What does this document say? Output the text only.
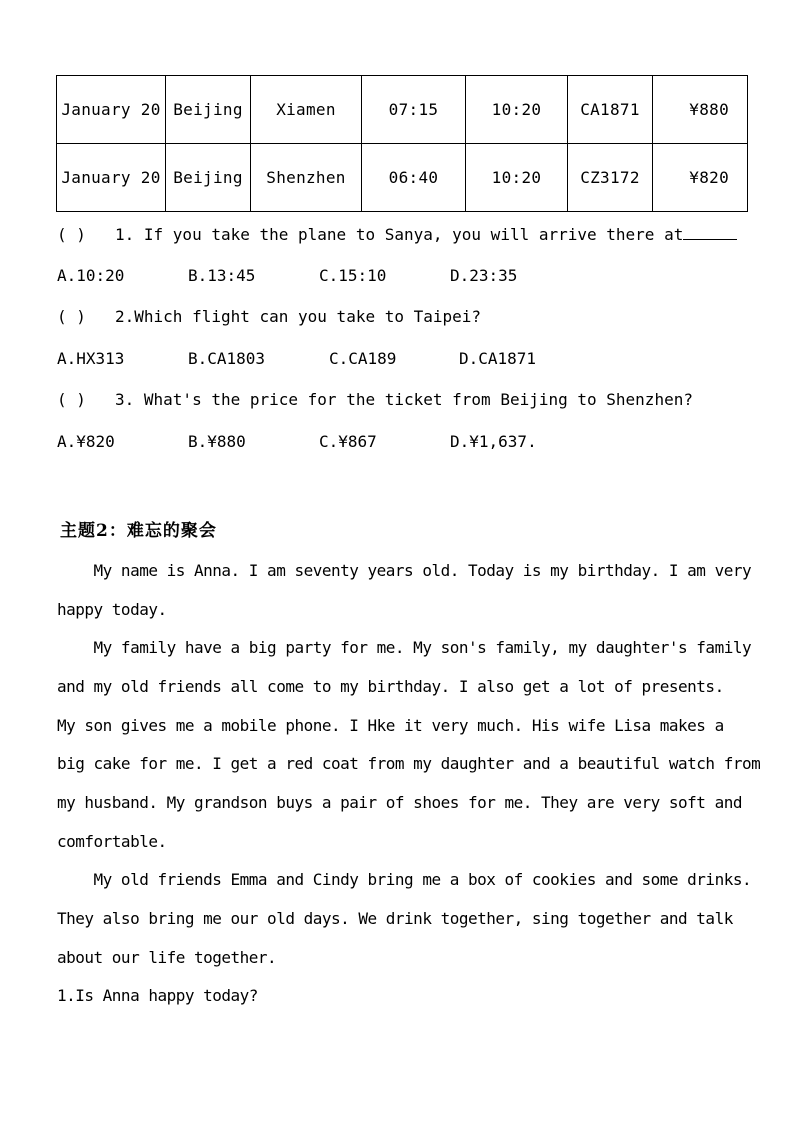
January 20	Beijing	Xiamen	07:15	10:20	CA1871	¥880
January 20	Beijing	Shenzhen	06:40	10:20	CZ3172	¥820
( ) 1. If you take the plane to Sanya, you will arrive there at
A.10:20	B.13:45	C.15:10	D.23:35
( ) 2.Which flight can you take to Taipei?
A.HX313	B.CA1803	C.CA189	D.CA1871
( ) 3. What's the price for the ticket from Beijing to Shenzhen?
A.¥820	B.¥880	C.¥867	D.¥1,637.
主题2：难忘的聚会
My name is Anna. I am seventy years old. Today is my birthday. I am very
happy today.
My family have a big party for me. My son's family, my daughter's family
and my old friends all come to my birthday. I also get a lot of presents.
My son gives me a mobile phone. I Hke it very much. His wife Lisa makes a
big cake for me. I get a red coat from my daughter and a beautiful watch from
my husband. My grandson buys a pair of shoes for me. They are very soft and
comfortable.
My old friends Emma and Cindy bring me a box of cookies and some drinks.
They also bring me our old days. We drink together, sing together and talk
about our life together.
1.Is Anna happy today?
